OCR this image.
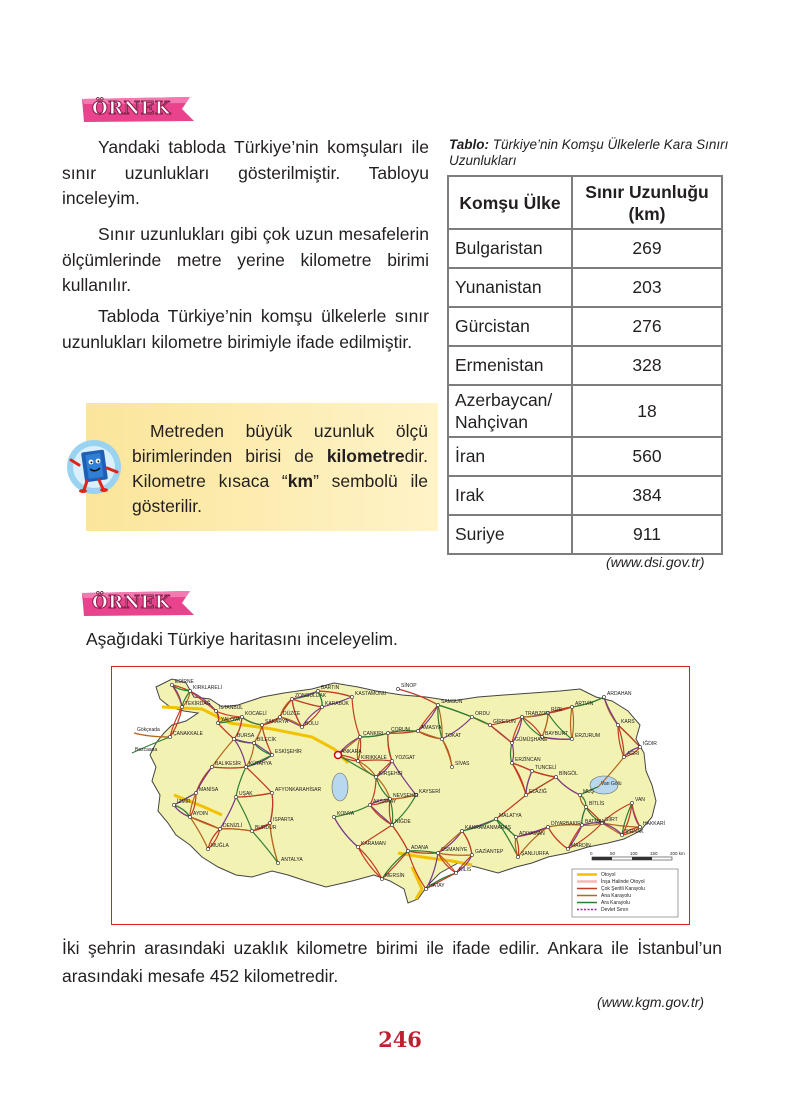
ÖRNEK

Yandaki tabloda Türkiye’nin komşuları ile sınır uzunlukları gösterilmiştir. Tabloyu inceleyim.

Sınır uzunlukları gibi çok uzun mesafelerin ölçümlerinde metre yerine kilometre birimi kullanılır.

Tabloda Türkiye’nin komşu ülkelerle sınır uzunlukları kilometre birimiyle ifade edilmiştir.

Metreden büyük uzunluk ölçü birimlerinden birisi de kilometredir. Kilometre kısaca “km” sembolü ile gösterilir.

Tablo: Türkiye’nin Komşu Ülkelerle Kara Sınırı Uzunlukları

Komşu Ülke	Sınır Uzunluğu (km)
Bulgaristan	269
Yunanistan	203
Gürcistan	276
Ermenistan	328
Azerbaycan/ Nahçivan	18
İran	560
Irak	384
Suriye	911
(www.dsi.gov.tr)
ÖRNEK

Aşağıdaki Türkiye haritasını inceleyelim.

EDİRNE
KIRKLARELİ
TEKİRDAĞ
İSTANBUL
KOCAELİ
YALOVA
ZONGULDAK
BARTIN
KASTAMONU
SİNOP
SAMSUN
ORDU
GİRESUN
TRABZON
RİZE
ARTVİN
ARDAHAN
KARS
IĞDIR
AĞRI
ERZURUM
BAYBURT
GÜMÜŞHANE
ERZİNCAN
TUNCELİ
BİNGÖL
MUŞ
BİTLİS
VAN
HAKKARİ
ŞIRNAK
SİİRT
BATMAN
MARDİN
DİYARBAKIR
ŞANLIURFA
ADIYAMAN
MALATYA
ELAZIĞ
SİVAS
TOKAT
AMASYA
ÇORUM
YOZGAT
KIRIKKALE
ANKARA
ÇANKIRI
KARABÜK
BOLU
DÜZCE
SAKARYA
BİLECİK
ESKİŞEHİR
BURSA
BALIKESİR
ÇANAKKALE
MANİSA
İZMİR
AYDIN
DENİZLİ
MUĞLA
KÜTAHYA
UŞAK
AFYONKARAHİSAR
ISPARTA
BURDUR
ANTALYA
KONYA
KARAMAN
MERSİN
ADANA	OSMANİYE
HATAY
KİLİS
GAZİANTEP
KAHRAMANMARAŞ
KAYSERİ
NİĞDE
AKSARAY
NEVŞEHİR
KIRŞEHİR
Gökçeada
Bozcaada
Van Gölü
0	50	100	150	200 km
Otoyol
İnşa Halinde Otoyol
Çok Şeritli Karayolu
Ana Karayolu
Ara Karayolu
Devlet Sınırı

İki şehrin arasındaki uzaklık kilometre birimi ile ifade edilir. Ankara ile İstanbul’un arasındaki mesafe 452 kilometredir.

(www.kgm.gov.tr)
246
